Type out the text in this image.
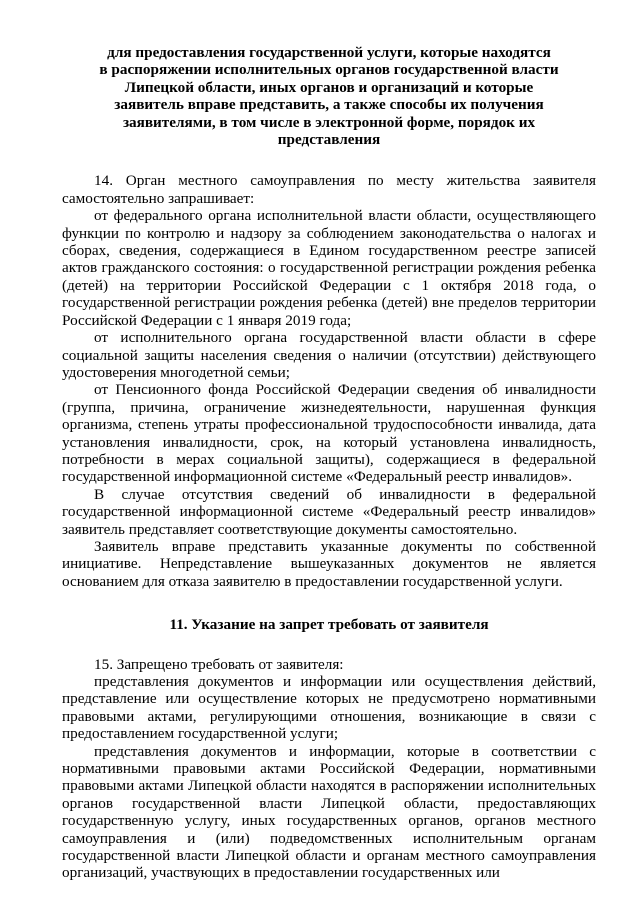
для предоставления государственной услуги, которые находятся
в распоряжении исполнительных органов государственной власти
Липецкой области, иных органов и организаций и которые
заявитель вправе представить, а также способы их получения
заявителями, в том числе в электронной форме, порядок их
представления

14. Орган местного самоуправления по месту жительства заявителя самостоятельно запрашивает:

от федерального органа исполнительной власти области, осуществляющего функции по контролю и надзору за соблюдением законодательства о налогах и сборах, сведения, содержащиеся в Едином государственном реестре записей актов гражданского состояния: о государственной регистрации рождения ребенка (детей) на территории Российской Федерации с 1 октября 2018 года, о государственной регистрации рождения ребенка (детей) вне пределов территории Российской Федерации с 1 января 2019 года;

от исполнительного органа государственной власти области в сфере социальной защиты населения сведения о наличии (отсутствии) действующего удостоверения многодетной семьи;

от Пенсионного фонда Российской Федерации сведения об инвалидности (группа, причина, ограничение жизнедеятельности, нарушенная функция организма, степень утраты профессиональной трудоспособности инвалида, дата установления инвалидности, срок, на который установлена инвалидность, потребности в мерах социальной защиты), содержащиеся в федеральной государственной информационной системе «Федеральный реестр инвалидов».

В случае отсутствия сведений об инвалидности в федеральной государственной информационной системе «Федеральный реестр инвалидов» заявитель представляет соответствующие документы самостоятельно.

Заявитель вправе представить указанные документы по собственной инициативе. Непредставление вышеуказанных документов не является основанием для отказа заявителю в предоставлении государственной услуги.

11. Указание на запрет требовать от заявителя

15. Запрещено требовать от заявителя:

представления документов и информации или осуществления действий, представление или осуществление которых не предусмотрено нормативными правовыми актами, регулирующими отношения, возникающие в связи с предоставлением государственной услуги;

представления документов и информации, которые в соответствии с нормативными правовыми актами Российской Федерации, нормативными правовыми актами Липецкой области находятся в распоряжении исполнительных органов государственной власти Липецкой области, предоставляющих государственную услугу, иных государственных органов, органов местного самоуправления и (или) подведомственных исполнительным органам государственной власти Липецкой области и органам местного самоуправления организаций, участвующих в предоставлении государственных или
